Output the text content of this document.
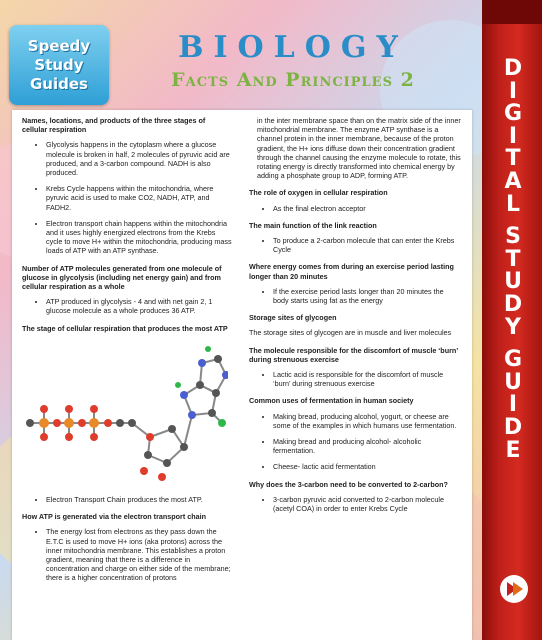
Speedy
Study
Guides
BIOLOGY
Facts And Principles 2
Names, locations, and products of the three stages of cellular respiration
• Glycolysis happens in the cytoplasm where a glucose molecule is broken in half, 2 molecules of pyruvic acid are produced, and a 3-carbon compound. NADH is also produced.
• Krebs Cycle happens within the mitochondria, where pyruvic acid is used to make CO2, NADH, ATP, and FADH2.
• Electron transport chain happens within the mitochondria and it uses highly energized electrons from the Krebs cycle to move H+ within the mitochondria, producing mass loads of ATP with an ATP synthase.
Number of ATP molecules generated from one molecule of glucose in glycolysis (including net energy gain) and from cellular respiration as a whole
• ATP produced in glycolysis - 4 and with net gain 2, 1 glucose molecule as a whole produces 36 ATP.
The stage of cellular respiration that produces the most ATP
• Electron Transport Chain produces the most ATP.
How ATP is generated via the electron transport chain
• The energy lost from electrons as they pass down the E.T.C is used to move H+ ions (aka protons) across the inner mitochondria membrane. This establishes a proton gradient, meaning that there is a difference in concentration and charge on either side of the membrane; there is a higher concentration of protons
in the inter membrane space than on the matrix side of the inner mitochondrial membrane. The enzyme ATP synthase is a channel protein in the inner membrane, because of the proton gradient, the H+ ions diffuse down their concentration gradient through the channel causing the enzyme molecule to rotate, this rotating energy is directly transformed into chemical energy by adding a phosphate group to ADP, forming ATP.
The role of oxygen in cellular respiration
• As the final electron acceptor
The main function of the link reaction
• To produce a 2-carbon molecule that can enter the Krebs Cycle
Where energy comes from during an exercise period lasting longer than 20 minutes
• If the exercise period lasts longer than 20 minutes the body starts using fat as the energy
Storage sites of glycogen
The storage sites of glycogen are in muscle and liver molecules
The molecule responsible for the discomfort of muscle ‘burn’ during strenuous exercise
• Lactic acid is responsible for the discomfort of muscle ‘burn’ during strenuous exercise
Common uses of fermentation in human society
• Making bread, producing alcohol, yogurt, or cheese are some of the examples in which humans use fermentation.
• Making bread and producing alcohol- alcoholic fermentation.
• Cheese- lactic acid fermentation
Why does the 3-carbon need to be converted to 2-carbon?
• 3-carbon pyruvic acid converted to 2-carbon molecule (acetyl COA) in order to enter Krebs Cycle
D
I
G
I
T
A
L

S
T
U
D
Y

G
U
I
D
E
